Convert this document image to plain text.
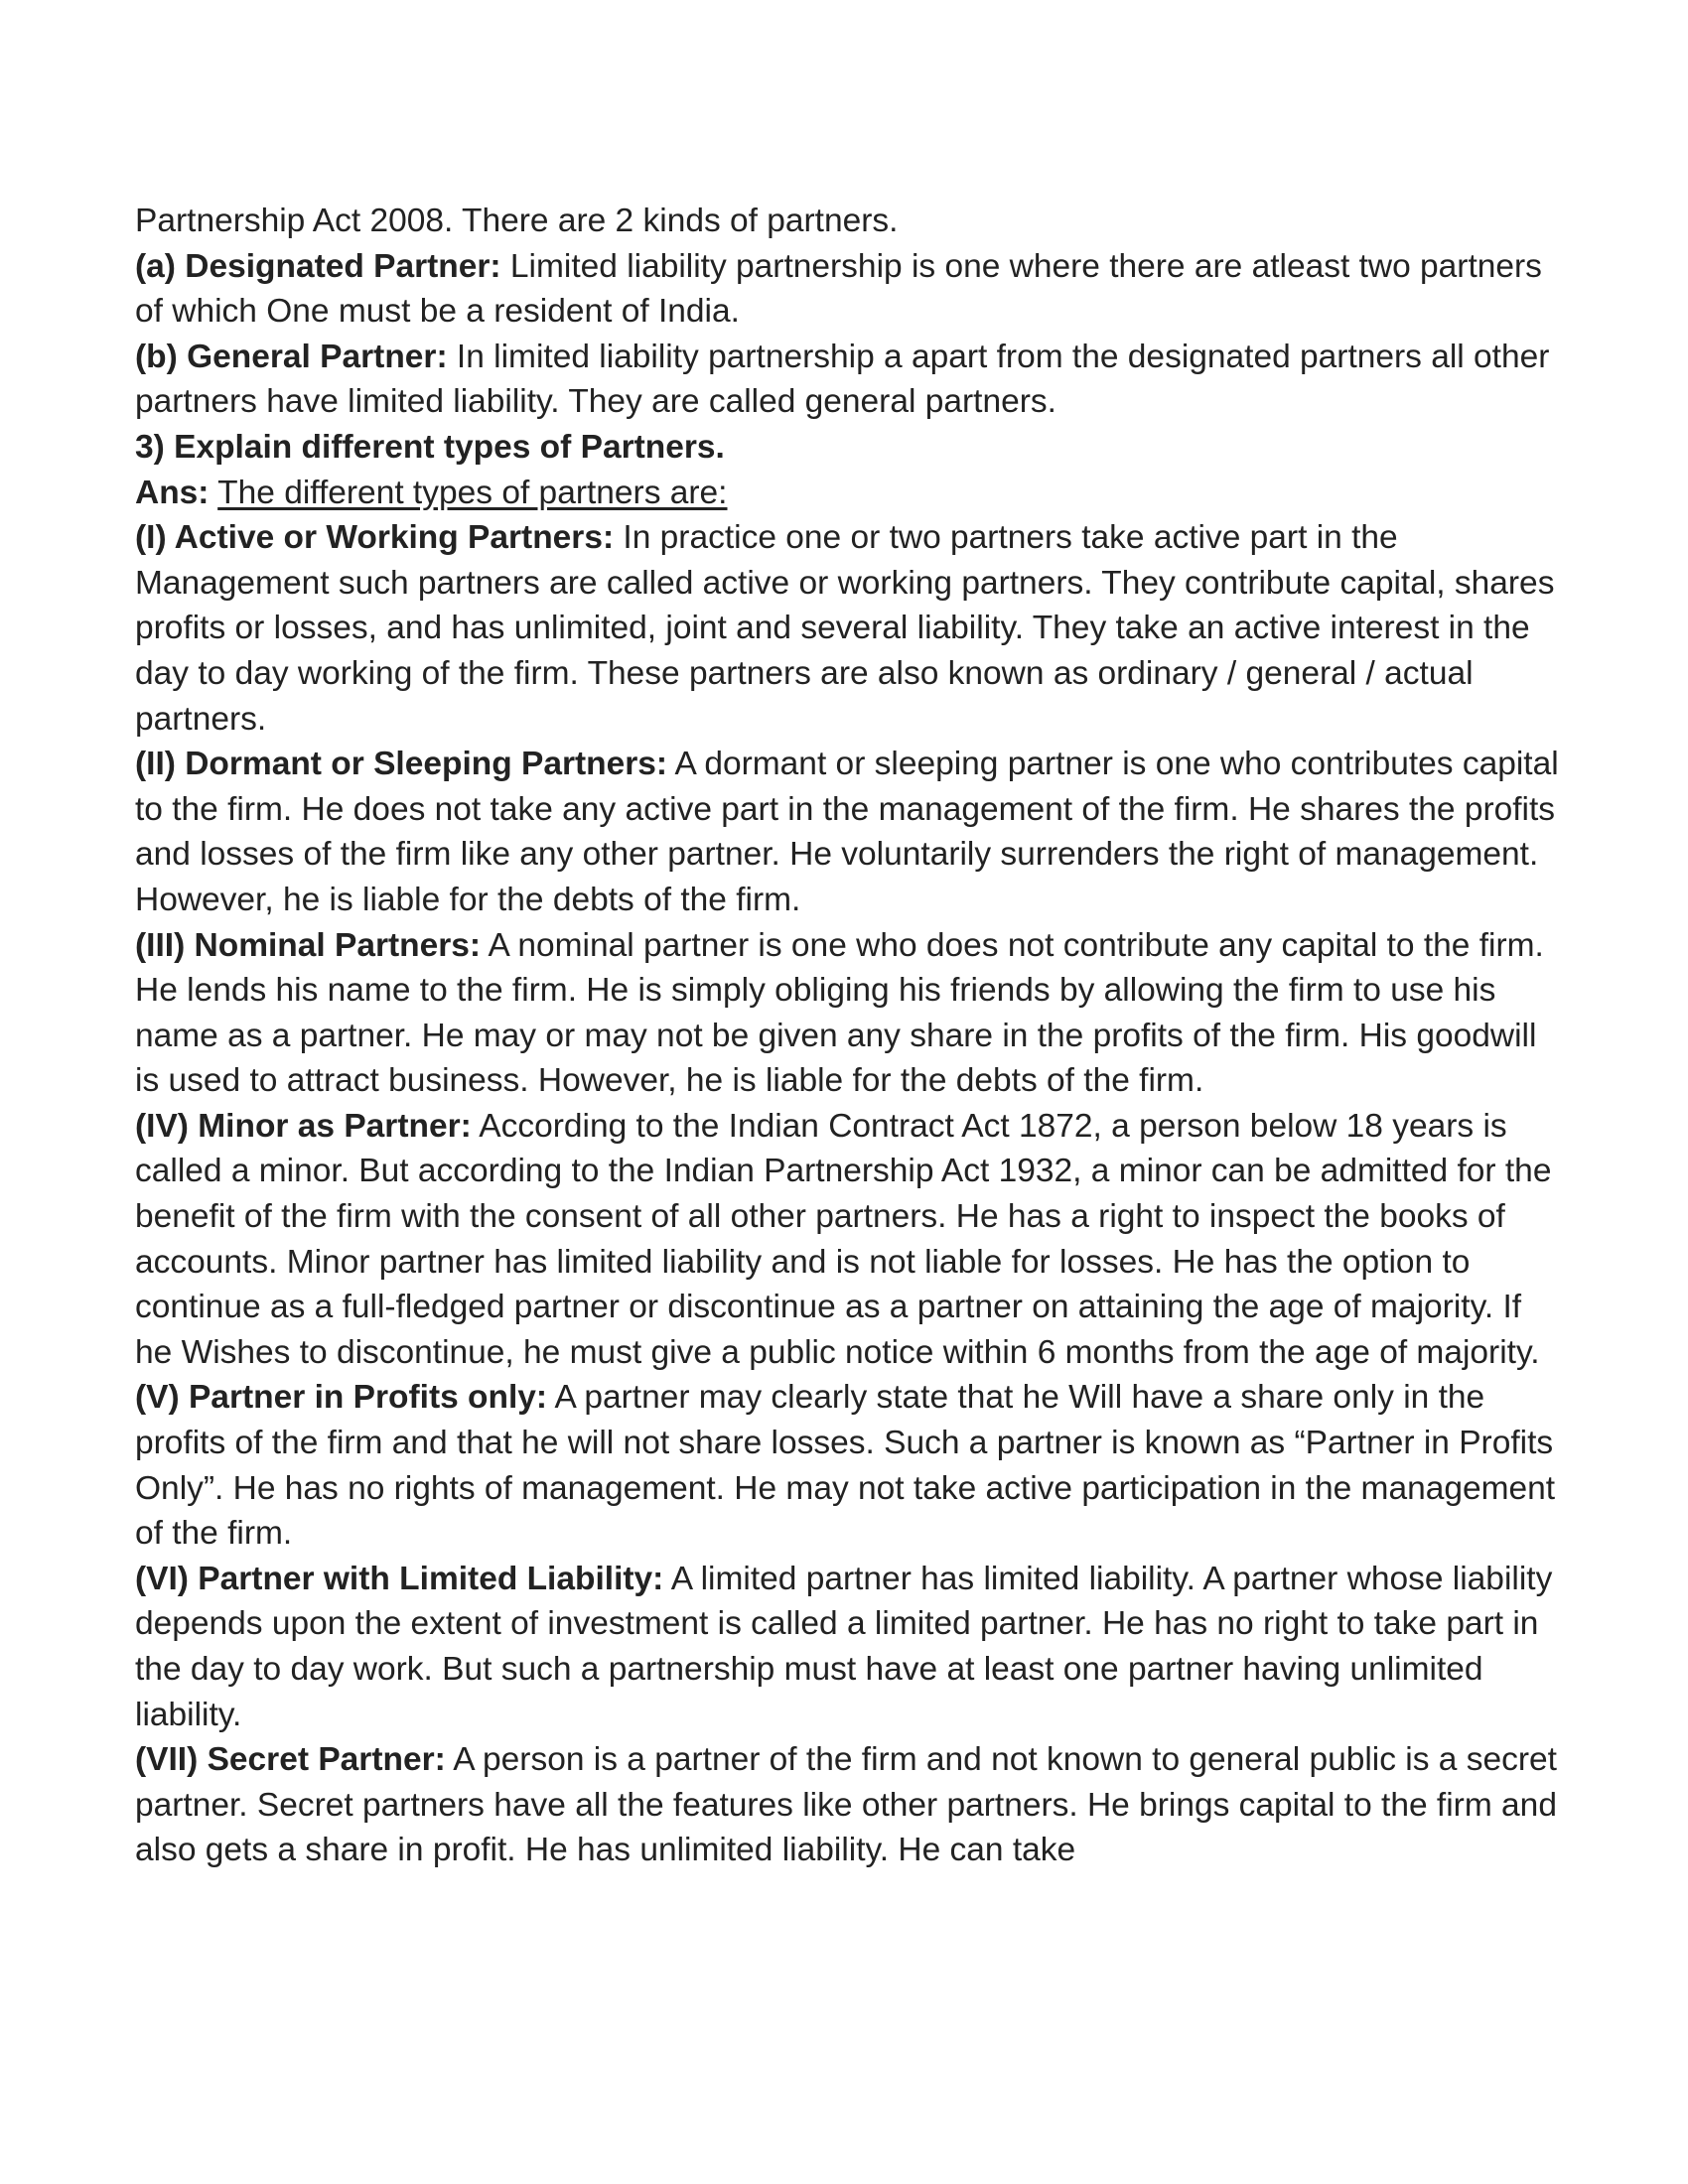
Partnership Act 2008. There are 2 kinds of partners.

(a) Designated Partner: Limited liability partnership is one where there are atleast two partners of which One must be a resident of India.

(b) General Partner: In limited liability partnership a apart from the designated partners all other partners have limited liability. They are called general partners.

3) Explain different types of Partners.

Ans: The different types of partners are:

(I) Active or Working Partners: In practice one or two partners take active part in the Management such partners are called active or working partners. They contribute capital, shares profits or losses, and has unlimited, joint and several liability. They take an active interest in the day to day working of the firm. These partners are also known as ordinary / general / actual partners.

(II) Dormant or Sleeping Partners: A dormant or sleeping partner is one who contributes capital to the firm. He does not take any active part in the management of the firm. He shares the profits and losses of the firm like any other partner. He voluntarily surrenders the right of management. However, he is liable for the debts of the firm.

(III) Nominal Partners: A nominal partner is one who does not contribute any capital to the firm. He lends his name to the firm. He is simply obliging his friends by allowing the firm to use his name as a partner. He may or may not be given any share in the profits of the firm. His goodwill is used to attract business. However, he is liable for the debts of the firm.

(IV) Minor as Partner: According to the Indian Contract Act 1872, a person below 18 years is called a minor. But according to the Indian Partnership Act 1932, a minor can be admitted for the benefit of the firm with the consent of all other partners. He has a right to inspect the books of accounts. Minor partner has limited liability and is not liable for losses. He has the option to continue as a full-fledged partner or discontinue as a partner on attaining the age of majority. If he Wishes to discontinue, he must give a public notice within 6 months from the age of majority.

(V) Partner in Profits only: A partner may clearly state that he Will have a share only in the profits of the firm and that he will not share losses. Such a partner is known as “Partner in Profits Only”. He has no rights of management. He may not take active participation in the management of the firm.

(VI) Partner with Limited Liability: A limited partner has limited liability. A partner whose liability depends upon the extent of investment is called a limited partner. He has no right to take part in the day to day work. But such a partnership must have at least one partner having unlimited liability.

(VII) Secret Partner: A person is a partner of the firm and not known to general public is a secret partner. Secret partners have all the features like other partners. He brings capital to the firm and also gets a share in profit. He has unlimited liability. He can take
